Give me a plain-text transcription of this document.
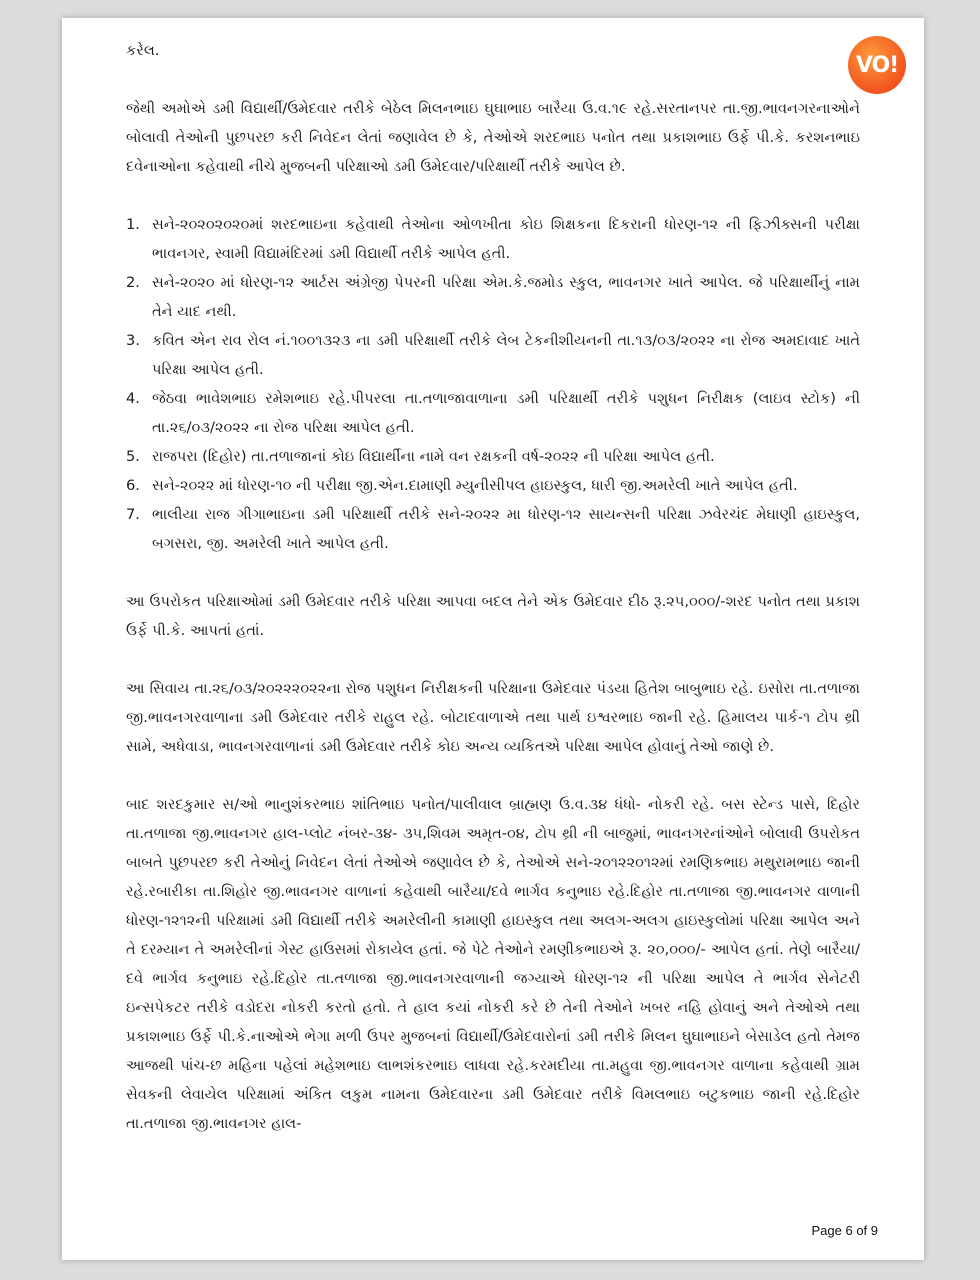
VO!

કરેલ.

જેથી અમોએ ડમી વિદ્યાર્થી/ઉમેદવાર તરીકે બેઠેલ મિલનભાઇ ઘુઘાભાઇ બારૈયા ઉ.વ.૧૯ રહે.સરતાનપર તા.જી.ભાવનગરનાઓને બોલાવી તેઓની પુછપરછ કરી નિવેદન લેતાં જણાવેલ છે કે, તેઓએ શરદભાઇ પનોત તથા પ્રકાશભાઇ ઉર્ફે પી.કે. કરશનભાઇ દવેનાઓના કહેવાથી નીચે મુજબની પરિક્ષાઓ ડમી ઉમેદવાર/પરિક્ષાર્થી તરીકે આપેલ છે.

1. સને-૨૦૨૦૨૦૨૦માં શરદભાઇના કહેવાથી તેઓના ઓળખીતા કોઇ શિક્ષકના દિકરાની ધોરણ-૧૨ ની ફિઝીક્સની પરીક્ષા ભાવનગર, સ્વામી વિદ્યામંદિરમાં ડમી વિદ્યાર્થી તરીકે આપેલ હતી.
2. સને-૨૦૨૦ માં ધોરણ-૧૨ આર્ટસ અંગ્રેજી પેપરની પરિક્ષા એમ.કે.જમોડ સ્કુલ, ભાવનગર ખાતે આપેલ. જે પરિક્ષાર્થીનું નામ તેને યાદ નથી.
3. કવિત એન રાવ રોલ નં.૧૦૦૧૩૨૩ ના ડમી પરિક્ષાર્થી તરીકે લેબ ટેકનીશીયનની તા.૧૩/૦૩/૨૦૨૨ ના રોજ અમદાવાદ ખાતે પરિક્ષા આપેલ હતી.
4. જેઠવા ભાવેશભાઇ રમેશભાઇ રહે.પીપરલા તા.તળાજાવાળાના ડમી પરિક્ષાર્થી તરીકે પશુધન નિરીક્ષક (લાઇવ સ્ટોક) ની તા.૨૬/૦૩/૨૦૨૨ ના રોજ પરિક્ષા આપેલ હતી.
5. રાજપરા (દિહોર) તા.તળાજાનાં કોઇ વિદ્યાર્થીના નામે વન રક્ષકની વર્ષ-૨૦૨૨ ની પરિક્ષા આપેલ હતી.
6. સને-૨૦૨૨ માં ધોરણ-૧૦ ની પરીક્ષા જી.એન.દામાણી મ્યુનીસીપલ હાઇસ્કુલ, ધારી જી.અમરેલી ખાતે આપેલ હતી.
7. ભાલીયા રાજ ગીગાભાઇના ડમી પરિક્ષાર્થી તરીકે સને-૨૦૨૨ મા ધોરણ-૧૨ સાયન્સની પરિક્ષા ઝવેરચંદ મેઘાણી હાઇસ્કુલ, બગસરા, જી. અમરેલી ખાતે આપેલ હતી.

આ ઉપરોકત પરિક્ષાઓમાં ડમી ઉમેદવાર તરીકે પરિક્ષા આપવા બદલ તેને એક ઉમેદવાર દીઠ રૂ.૨૫,૦૦૦/-શરદ પનોત તથા પ્રકાશ ઉર્ફે પી.કે. આપતાં હતાં.

આ સિવાય તા.૨૬/૦૩/૨૦૨૨૨૦૨૨ના રોજ પશુધન નિરીક્ષકની પરિક્ષાના ઉમેદવાર પંડયા હિતેશ બાબુભાઇ રહે. ઇસોરા તા.તળાજા જી.ભાવનગરવાળાના ડમી ઉમેદવાર તરીકે રાહુલ રહે. બોટાદવાળાએ તથા પાર્થ ઇશ્વરભાઇ જાની રહે. હિમાલય પાર્ક-૧ ટોપ થ્રી સામે, અધેવાડા, ભાવનગરવાળાનાં ડમી ઉમેદવાર તરીકે કોઇ અન્ય વ્યકિતએ પરિક્ષા આપેલ હોવાનું તેઓ જાણે છે.

બાદ શરદકુમાર સ/ઓ ભાનુશંકરભાઇ શાંતિભાઇ પનોત/પાલીવાલ બ્રાહ્મણ ઉ.વ.૩૪ ધંધો- નોકરી રહે. બસ સ્ટેન્ડ પાસે, દિહોર તા.તળાજા જી.ભાવનગર હાલ-પ્લોટ નંબર-૩૪- ૩૫,શિવમ અમૃત-૦૪, ટોપ થ્રી ની બાજુમાં, ભાવનગરનાંઓને બોલાવી ઉપરોકત બાબતે પુછપરછ કરી તેઓનું નિવેદન લેતાં તેઓએ જણાવેલ છે કે, તેઓએ સને-૨૦૧૨૨૦૧૨માં રમણિકભાઇ મથુરામભાઇ જાની રહે.રબારીકા તા.શિહોર જી.ભાવનગર વાળાનાં કહેવાથી બારૈયા/દવે ભાર્ગવ કનુભાઇ રહે.દિહોર તા.તળાજા જી.ભાવનગર વાળાની ધોરણ-૧૨૧૨ની પરિક્ષામાં ડમી વિદ્યાર્થી તરીકે અમરેલીની કામાણી હાઇસ્કુલ તથા અલગ-અલગ હાઇસ્કુલોમાં પરિક્ષા આપેલ અને તે દરમ્યાન તે અમરેલીનાં ગેસ્ટ હાઉસમાં રોકાયેલ હતાં. જે પેટે તેઓને રમણીકભાઇએ રૂ. ૨૦,૦૦૦/- આપેલ હતાં. તેણે બારૈયા/દવે ભાર્ગવ કનુભાઇ રહે.દિહોર તા.તળાજા જી.ભાવનગરવાળાની જગ્યાએ ધોરણ-૧૨ ની પરિક્ષા આપેલ તે ભાર્ગવ સેનેટરી ઇન્સપેકટર તરીકે વડોદરા નોકરી કરતો હતો. તે હાલ કયાં નોકરી કરે છે તેની તેઓને ખબર નહિ હોવાનું અને તેઓએ તથા પ્રકાશભાઇ ઉર્ફે પી.કે.નાઓએ ભેગા મળી ઉપર મુજબનાં વિદ્યાર્થી/ઉમેદવારોનાં ડમી તરીકે મિલન ઘુઘાભાઇને બેસાડેલ હતો તેમજ આજથી પાંચ-છ મહિના પહેલાં મહેશભાઇ લાભશંકરભાઇ લાધવા રહે.કરમદીયા તા.મહુવા જી.ભાવનગર વાળાના કહેવાથી ગ્રામ સેવકની લેવાયેલ પરિક્ષામાં અંકિત લકુમ નામના ઉમેદવારના ડમી ઉમેદવાર તરીકે વિમલભાઇ બટુકભાઇ જાની રહે.દિહોર તા.તળાજા જી.ભાવનગર હાલ-

Page 6 of 9
